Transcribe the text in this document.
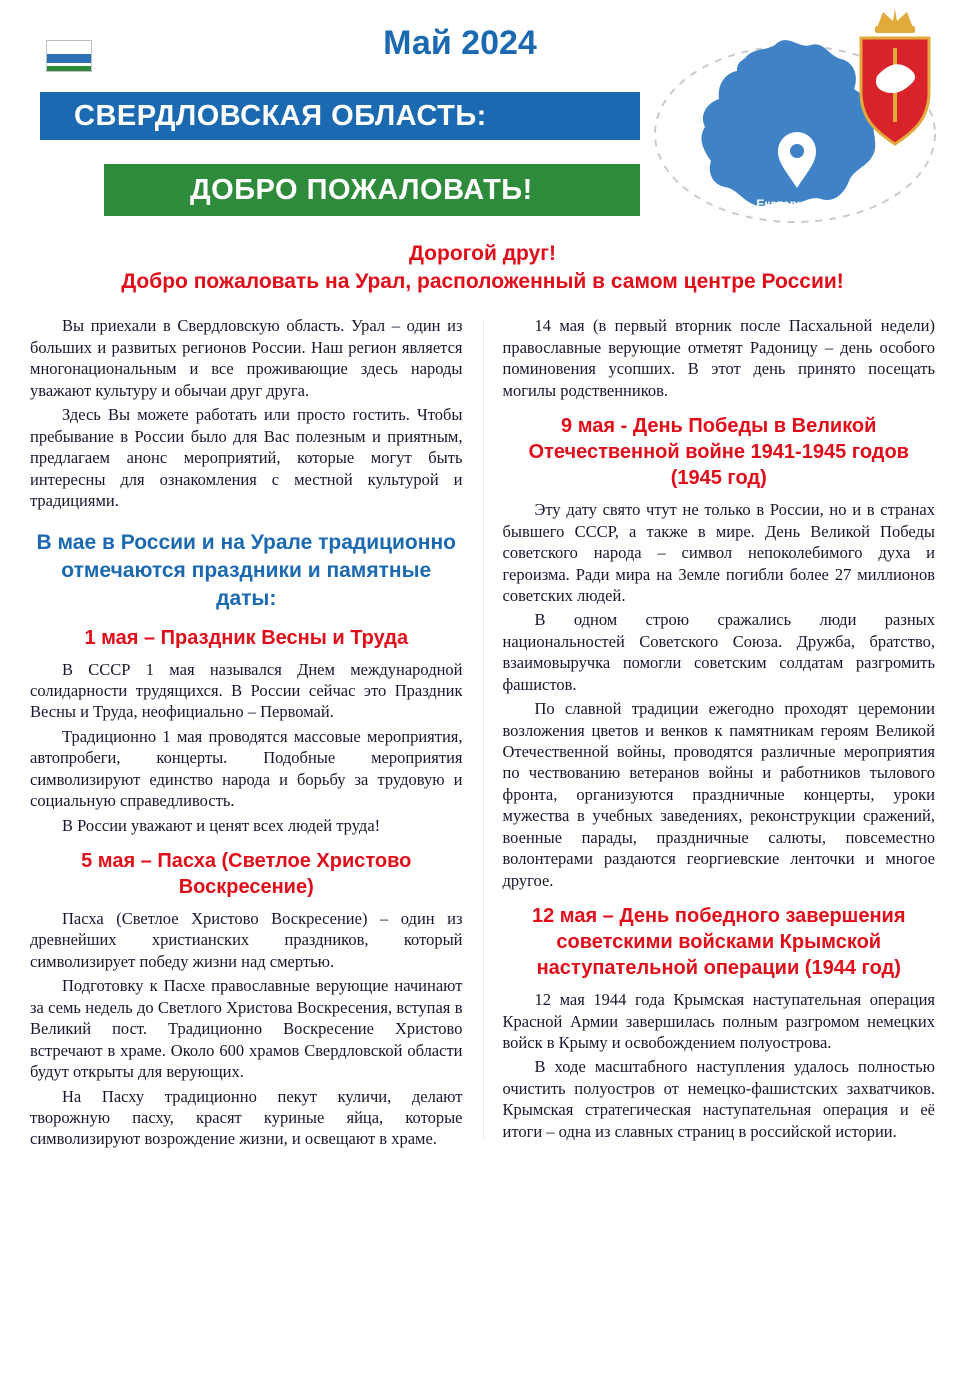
Май 2024
СВЕРДЛОВСКАЯ ОБЛАСТЬ:
ДОБРО ПОЖАЛОВАТЬ!	Екатеринбург
Дорогой друг!
Добро пожаловать на Урал, расположенный в самом центре России!

Вы приехали в Свердловскую область. Урал – один из больших и развитых регионов России. Наш регион является многонациональным и все проживающие здесь народы уважают культуру и обычаи друг друга.

Здесь Вы можете работать или просто гостить. Чтобы пребывание в России было для Вас полезным и приятным, предлагаем анонс мероприятий, которые могут быть интересны для ознакомления с местной культурой и традициями.

В мае в России и на Урале традиционно отмечаются праздники и памятные даты:
1 мая – Праздник Весны и Труда

В СССР 1 мая назывался Днем международной солидарности трудящихся. В России сейчас это Праздник Весны и Труда, неофициально – Первомай.

Традиционно 1 мая проводятся массовые мероприятия, автопробеги, концерты. Подобные мероприятия символизируют единство народа и борьбу за трудовую и социальную справедливость.

В России уважают и ценят всех людей труда!

5 мая – Пасха (Светлое Христово Воскресение)

Пасха (Светлое Христово Воскресение) – один из древнейших христианских праздников, который символизирует победу жизни над смертью.

Подготовку к Пасхе православные верующие начинают за семь недель до Светлого Христова Воскресения, вступая в Великий пост. Традиционно Воскресение Христово встречают в храме. Около 600 храмов Свердловской области будут открыты для верующих.

На Пасху традиционно пекут куличи, делают творожную пасху, красят куриные яйца, которые символизируют возрождение жизни, и освещают в храме.

14 мая (в первый вторник после Пасхальной недели) православные верующие отметят Радоницу – день особого поминовения усопших. В этот день принято посещать могилы родственников.

9 мая - День Победы в Великой Отечественной войне 1941-1945 годов (1945 год)

Эту дату свято чтут не только в России, но и в странах бывшего СССР, а также в мире. День Великой Победы советского народа – символ непоколебимого духа и героизма. Ради мира на Земле погибли более 27 миллионов советских людей.

В одном строю сражались люди разных национальностей Советского Союза. Дружба, братство, взаимовыручка помогли советским солдатам разгромить фашистов.

По славной традиции ежегодно проходят церемонии возложения цветов и венков к памятникам героям Великой Отечественной войны, проводятся различные мероприятия по чествованию ветеранов войны и работников тылового фронта, организуются праздничные концерты, уроки мужества в учебных заведениях, реконструкции сражений, военные парады, праздничные салюты, повсеместно волонтерами раздаются георгиевские ленточки и многое другое.

12 мая – День победного завершения советскими войсками Крымской наступательной операции (1944 год)

12 мая 1944 года Крымская наступательная операция Красной Армии завершилась полным разгромом немецких войск в Крыму и освобождением полуострова.

В ходе масштабного наступления удалось полностью очистить полуостров от немецко-фашистских захватчиков. Крымская стратегическая наступательная операция и её итоги – одна из славных страниц в российской истории.
